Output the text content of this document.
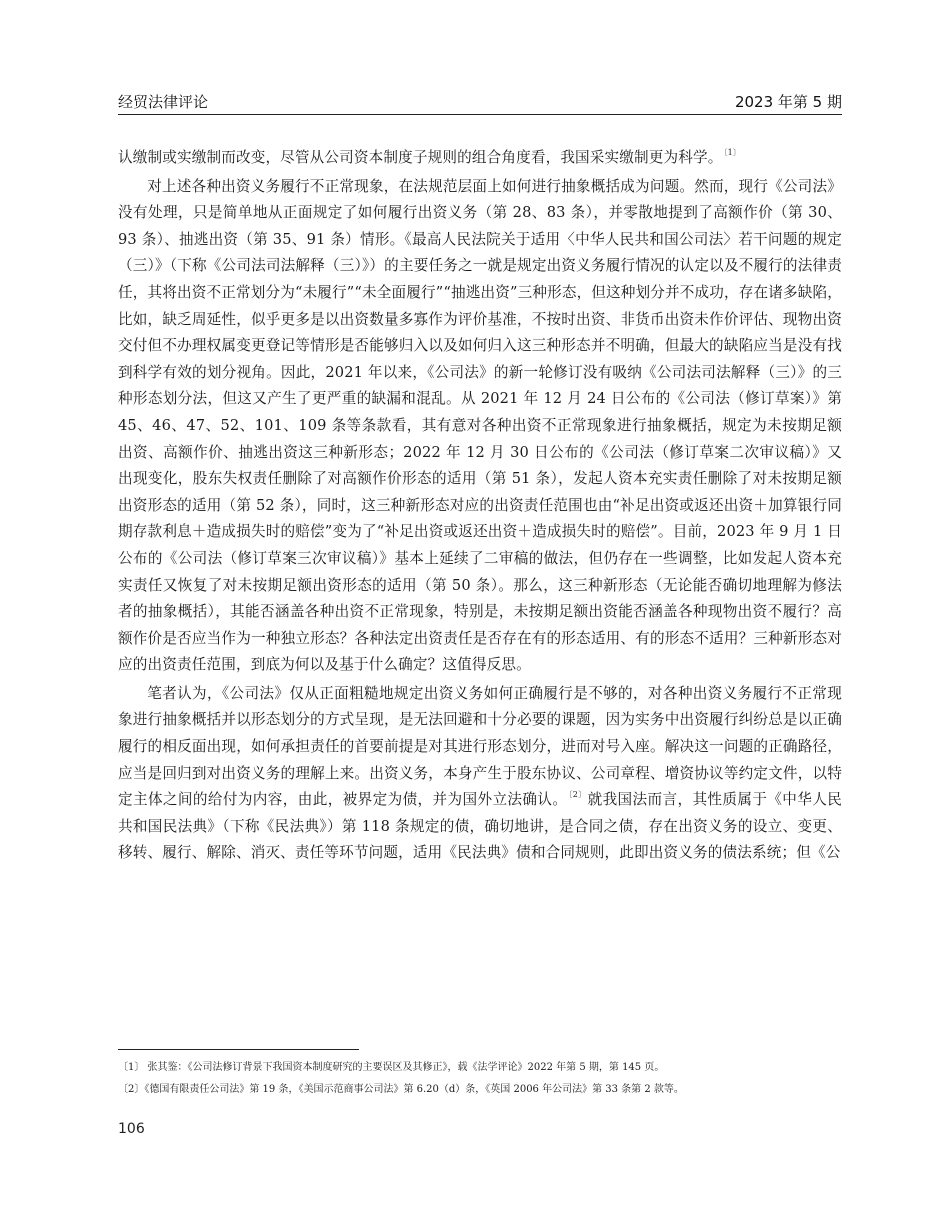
经贸法律评论	2023 年第 5 期

认缴制或实缴制而改变，尽管从公司资本制度子规则的组合角度看，我国采实缴制更为科学。$^{〔1〕}$

对上述各种出资义务履行不正常现象，在法规范层面上如何进行抽象概括成为问题。然而，现行《公司法》没有处理，只是简单地从正面规定了如何履行出资义务（第 28、83 条），并零散地提到了高额作价（第 30、93 条）、抽逃出资（第 35、91 条）情形。《最高人民法院关于适用〈中华人民共和国公司法〉若干问题的规定（三）》（下称《公司法司法解释（三）》）的主要任务之一就是规定出资义务履行情况的认定以及不履行的法律责任，其将出资不正常划分为“未履行”“未全面履行”“抽逃出资”三种形态，但这种划分并不成功，存在诸多缺陷，比如，缺乏周延性，似乎更多是以出资数量多寡作为评价基准，不按时出资、非货币出资未作价评估、现物出资交付但不办理权属变更登记等情形是否能够归入以及如何归入这三种形态并不明确，但最大的缺陷应当是没有找到科学有效的划分视角。因此，2021 年以来，《公司法》的新一轮修订没有吸纳《公司法司法解释（三）》的三种形态划分法，但这又产生了更严重的缺漏和混乱。从 2021 年 12 月 24 日公布的《公司法（修订草案）》第 45、46、47、52、101、109 条等条款看，其有意对各种出资不正常现象进行抽象概括，规定为未按期足额出资、高额作价、抽逃出资这三种新形态；2022 年 12 月 30 日公布的《公司法（修订草案二次审议稿）》又出现变化，股东失权责任删除了对高额作价形态的适用（第 51 条），发起人资本充实责任删除了对未按期足额出资形态的适用（第 52 条），同时，这三种新形态对应的出资责任范围也由“补足出资或返还出资＋加算银行同期存款利息＋造成损失时的赔偿”变为了“补足出资或返还出资＋造成损失时的赔偿”。目前，2023 年 9 月 1 日公布的《公司法（修订草案三次审议稿）》基本上延续了二审稿的做法，但仍存在一些调整，比如发起人资本充实责任又恢复了对未按期足额出资形态的适用（第 50 条）。那么，这三种新形态（无论能否确切地理解为修法者的抽象概括），其能否涵盖各种出资不正常现象，特别是，未按期足额出资能否涵盖各种现物出资不履行？高额作价是否应当作为一种独立形态？各种法定出资责任是否存在有的形态适用、有的形态不适用？三种新形态对应的出资责任范围，到底为何以及基于什么确定？这值得反思。

笔者认为，《公司法》仅从正面粗糙地规定出资义务如何正确履行是不够的，对各种出资义务履行不正常现象进行抽象概括并以形态划分的方式呈现，是无法回避和十分必要的课题，因为实务中出资履行纠纷总是以正确履行的相反面出现，如何承担责任的首要前提是对其进行形态划分，进而对号入座。解决这一问题的正确路径，应当是回归到对出资义务的理解上来。出资义务，本身产生于股东协议、公司章程、增资协议等约定文件，以特定主体之间的给付为内容，由此，被界定为债，并为国外立法确认。$^{〔2〕}$就我国法而言，其性质属于《中华人民共和国民法典》（下称《民法典》）第 118 条规定的债，确切地讲，是合同之债，存在出资义务的设立、变更、移转、履行、解除、消灭、责任等环节问题，适用《民法典》债和合同规则，此即出资义务的债法系统；但《公

〔1〕 张其鉴：《公司法修订背景下我国资本制度研究的主要误区及其修正》，载《法学评论》2022 年第 5 期，第 145 页。
〔2〕《德国有限责任公司法》第 19 条，《美国示范商事公司法》第 6.20（d）条，《英国 2006 年公司法》第 33 条第 2 款等。
106
